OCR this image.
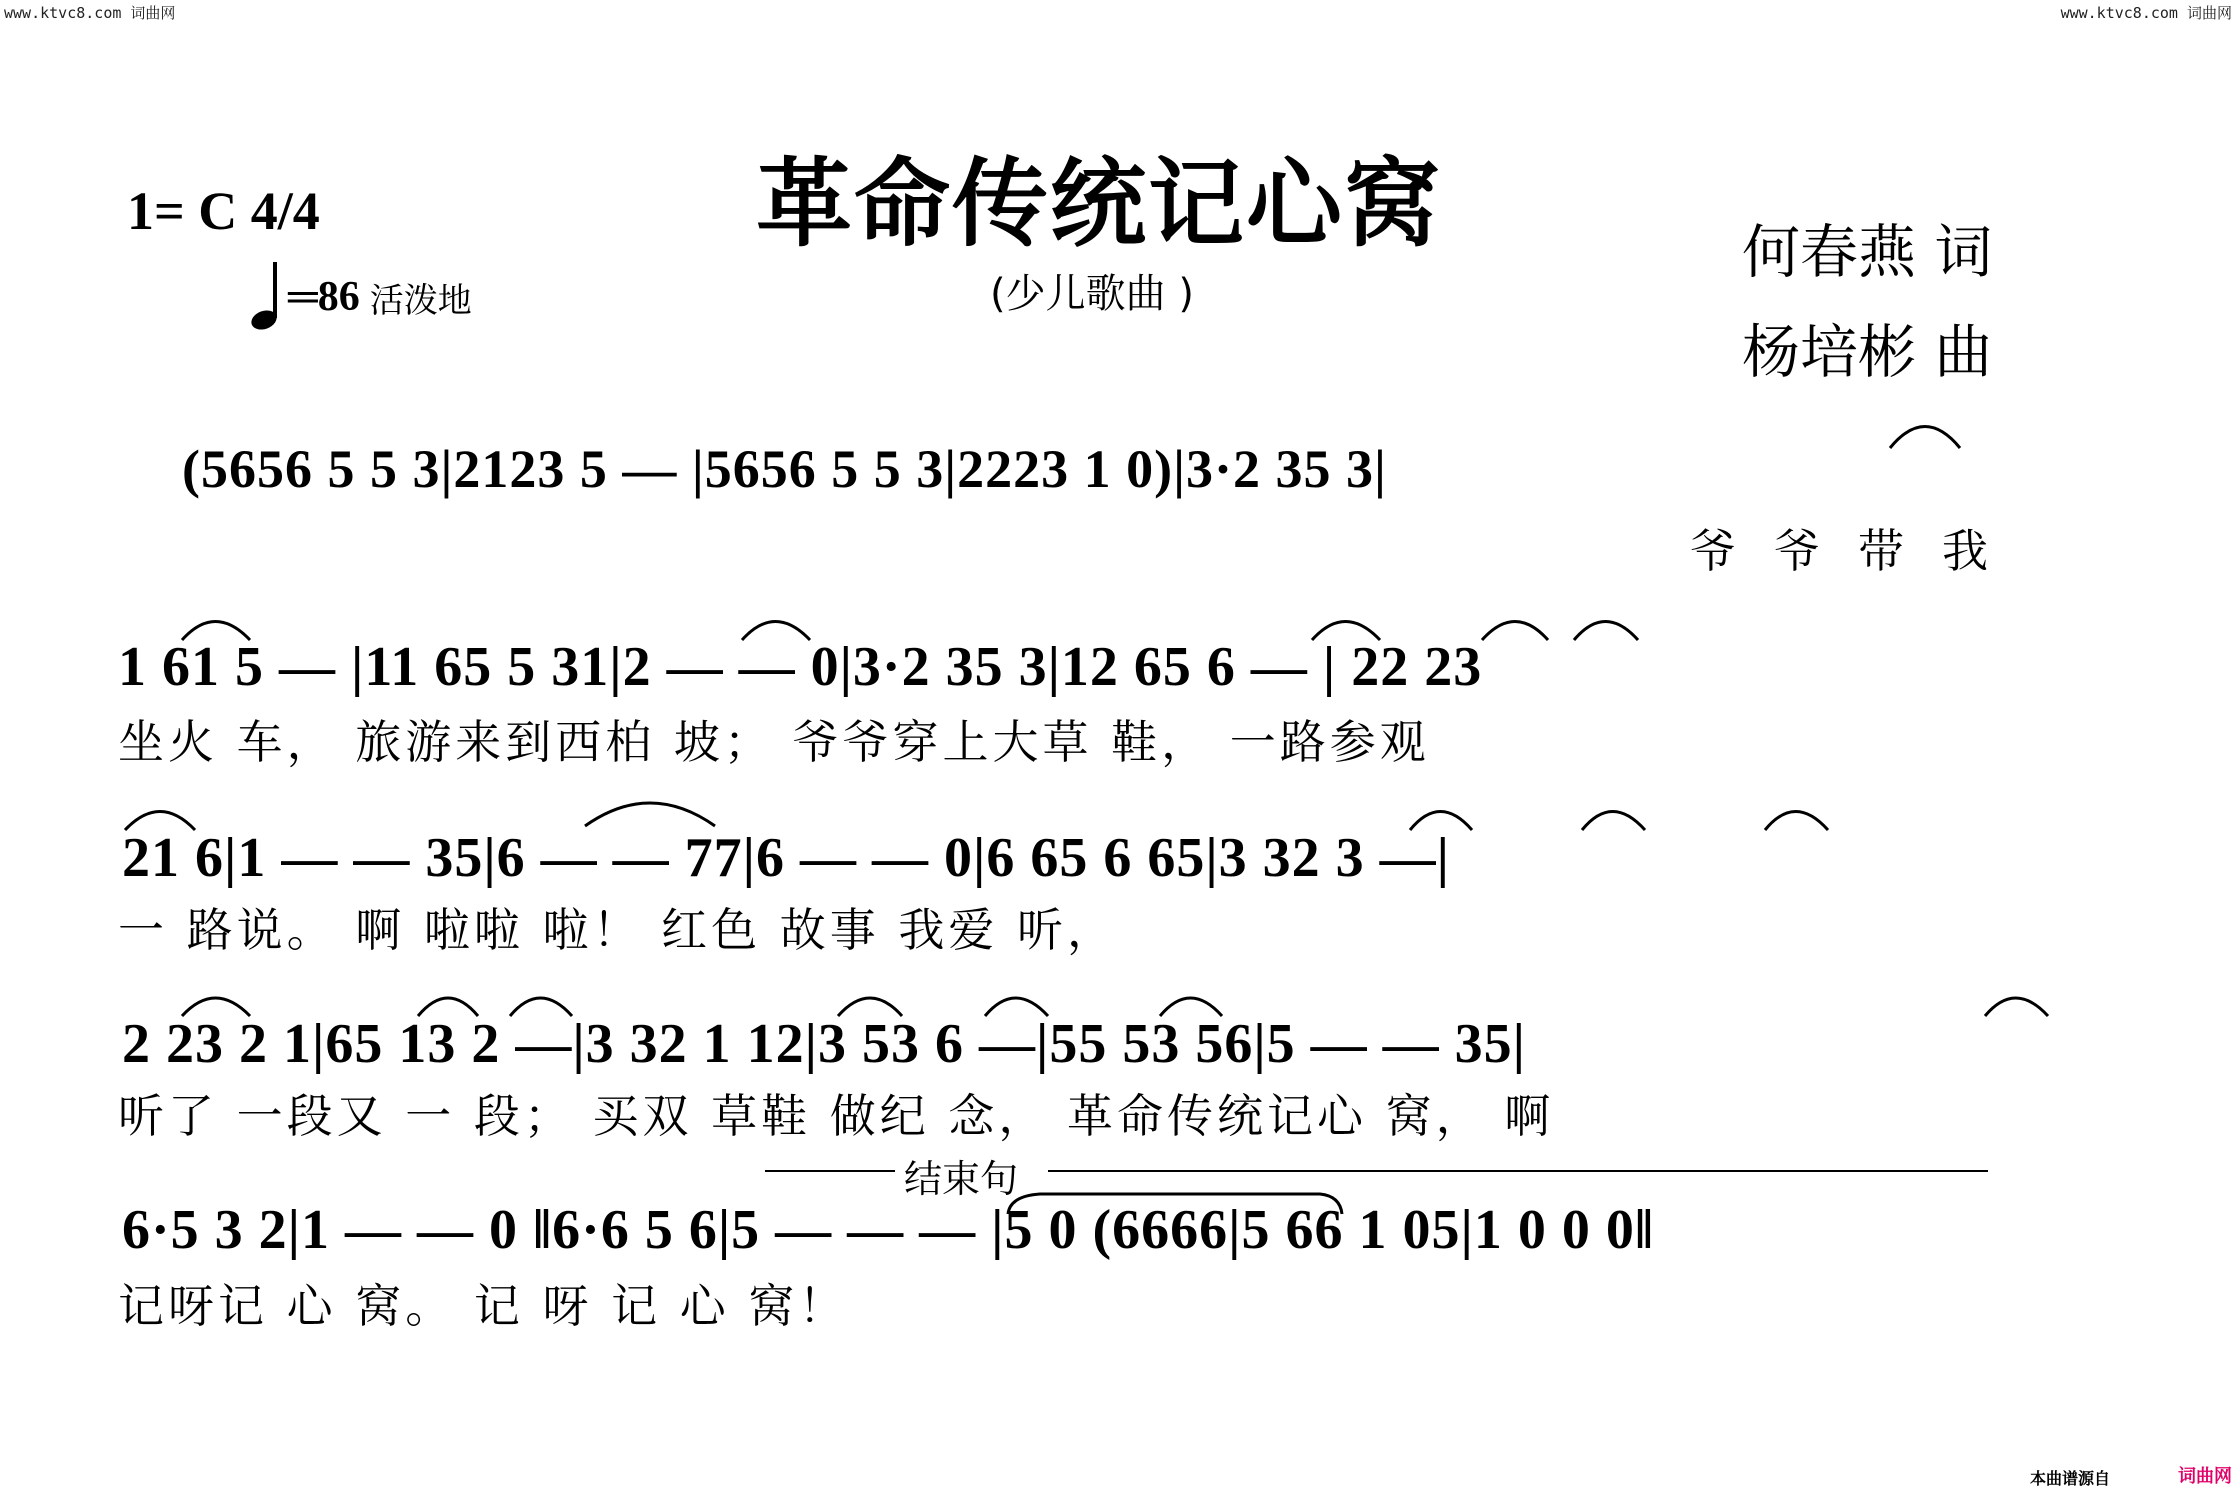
www.ktvc8.com 词曲网	www.ktvc8.com 词曲网
1= C 4/4
═86 活泼地
革命传统记心窝
(少儿歌曲 )
何春燕 词
杨培彬 曲
(5656 5 5 3|2123 5 — |5656 5 5 3|2223 1 0)|3·2 35 3|
爷爷带我
1 61 5 — |11 65 5 31|2 — — 0|3·2 35 3|12 65 6 — | 22 23
坐火 车， 旅游来到西柏 坡； 爷爷穿上大草 鞋， 一路参观
21 6|1 — — 35|6 — — 77|6 — — 0|6 65 6 65|3 32 3 —|
一 路说。 啊 啦啦 啦！ 红色 故事 我爱 听，
2 23 2 1|65 13 2 —|3 32 1 12|3 53 6 —|55 53 56|5 — — 35|
听了 一段又 一 段； 买双 草鞋 做纪 念， 革命传统记心 窝， 啊
结束句
6·5 3 2|1 — — 0 ‖6·6 5 6|5 — — — |5 0 (6666|5 66 1 05|1 0 0 0‖
记呀记 心 窝。 记 呀 记 心 窝！
本曲谱源自	词曲网
